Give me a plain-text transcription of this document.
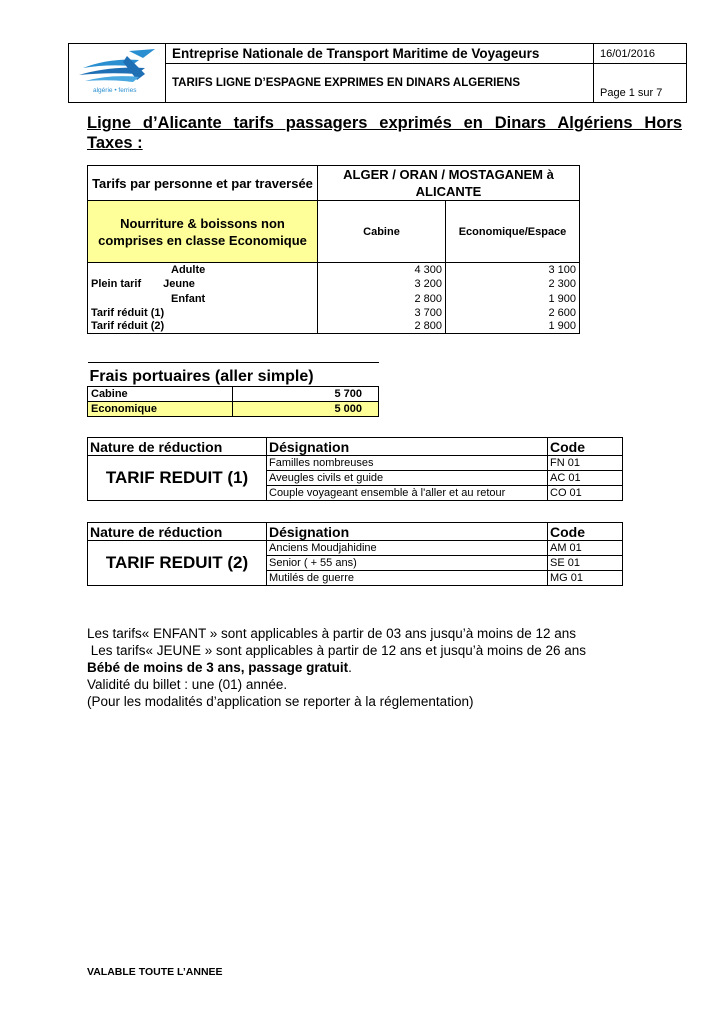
algérie • ferries	Entreprise Nationale de Transport Maritime de Voyageurs	16/01/2016
	TARIFS LIGNE D’ESPAGNE EXPRIMES EN DINARS ALGERIENS	Page 1 sur 7
Ligne d’Alicante tarifs passagers exprimés en Dinars Algériens Hors
Taxes :
Tarifs par personne et par traversée	ALGER / ORAN / MOSTAGANEM à ALICANTE	
Nourriture & boissons non comprises en classe Economique	Cabine	Economique/Espace
Adulte	4 300	3 100
Plein tarif Jeune	3 200	2 300
Enfant	2 800	1 900
Tarif réduit (1)	3 700	2 600
Tarif réduit (2)	2 800	1 900
Frais portuaires (aller simple)	
Cabine	5 700
Economique	5 000
Nature de réduction	Désignation	Code
TARIF REDUIT (1)	Familles nombreuses	FN 01
	Aveugles civils et guide	AC 01
	Couple voyageant ensemble à l'aller et au retour	CO 01
Nature de réduction	Désignation	Code
TARIF REDUIT (2)	Anciens Moudjahidine	AM 01
	Senior ( + 55 ans)	SE 01
	Mutilés de guerre	MG 01
Les tarifs« ENFANT » sont applicables à partir de 03 ans jusqu’à moins de 12 ans
Les tarifs« JEUNE » sont applicables à partir de 12 ans et jusqu’à moins de 26 ans
Bébé de moins de 3 ans, passage gratuit.
Validité du billet : une (01) année.
(Pour les modalités d’application se reporter à la réglementation)
VALABLE TOUTE L’ANNEE
